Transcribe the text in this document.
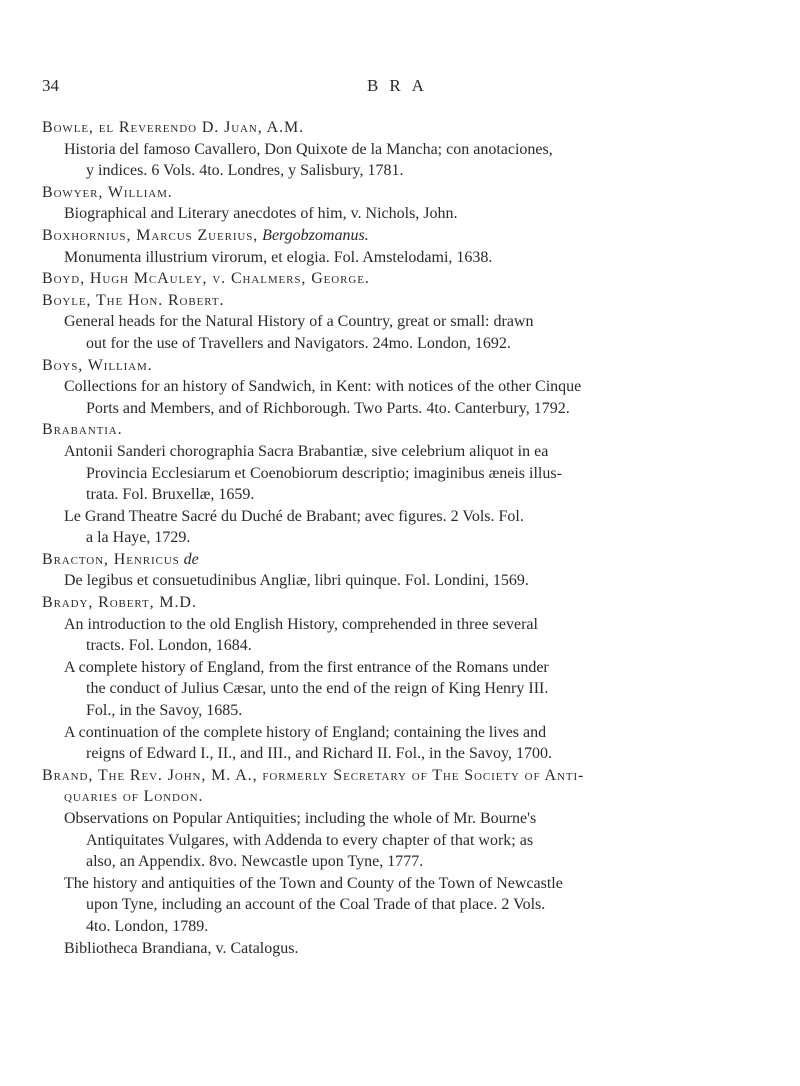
34	BRA
Bowle, el Reverendo D. Juan, A.M.
Historia del famoso Cavallero, Don Quixote de la Mancha; con anotaciones,
y indices. 6 Vols. 4to. Londres, y Salisbury, 1781.
Bowyer, William.
Biographical and Literary anecdotes of him, v. Nichols, John.
Boxhornius, Marcus Zuerius, Bergobzomanus.
Monumenta illustrium virorum, et elogia. Fol. Amstelodami, 1638.
Boyd, Hugh McAuley, v. Chalmers, George.
Boyle, The Hon. Robert.
General heads for the Natural History of a Country, great or small: drawn
out for the use of Travellers and Navigators. 24mo. London, 1692.
Boys, William.
Collections for an history of Sandwich, in Kent: with notices of the other Cinque
Ports and Members, and of Richborough. Two Parts. 4to. Canterbury, 1792.
Brabantia.
Antonii Sanderi chorographia Sacra Brabantiæ, sive celebrium aliquot in ea
Provincia Ecclesiarum et Coenobiorum descriptio; imaginibus æneis illus-
trata. Fol. Bruxellæ, 1659.
Le Grand Theatre Sacré du Duché de Brabant; avec figures. 2 Vols. Fol.
a la Haye, 1729.
Bracton, Henricus de
De legibus et consuetudinibus Angliæ, libri quinque. Fol. Londini, 1569.
Brady, Robert, M.D.
An introduction to the old English History, comprehended in three several
tracts. Fol. London, 1684.
A complete history of England, from the first entrance of the Romans under
the conduct of Julius Cæsar, unto the end of the reign of King Henry III.
Fol., in the Savoy, 1685.
A continuation of the complete history of England; containing the lives and
reigns of Edward I., II., and III., and Richard II. Fol., in the Savoy, 1700.
Brand, The Rev. John, M. A., formerly Secretary of The Society of Anti-
quaries of London.
Observations on Popular Antiquities; including the whole of Mr. Bourne's
Antiquitates Vulgares, with Addenda to every chapter of that work; as
also, an Appendix. 8vo. Newcastle upon Tyne, 1777.
The history and antiquities of the Town and County of the Town of Newcastle
upon Tyne, including an account of the Coal Trade of that place. 2 Vols.
4to. London, 1789.
Bibliotheca Brandiana, v. Catalogus.
